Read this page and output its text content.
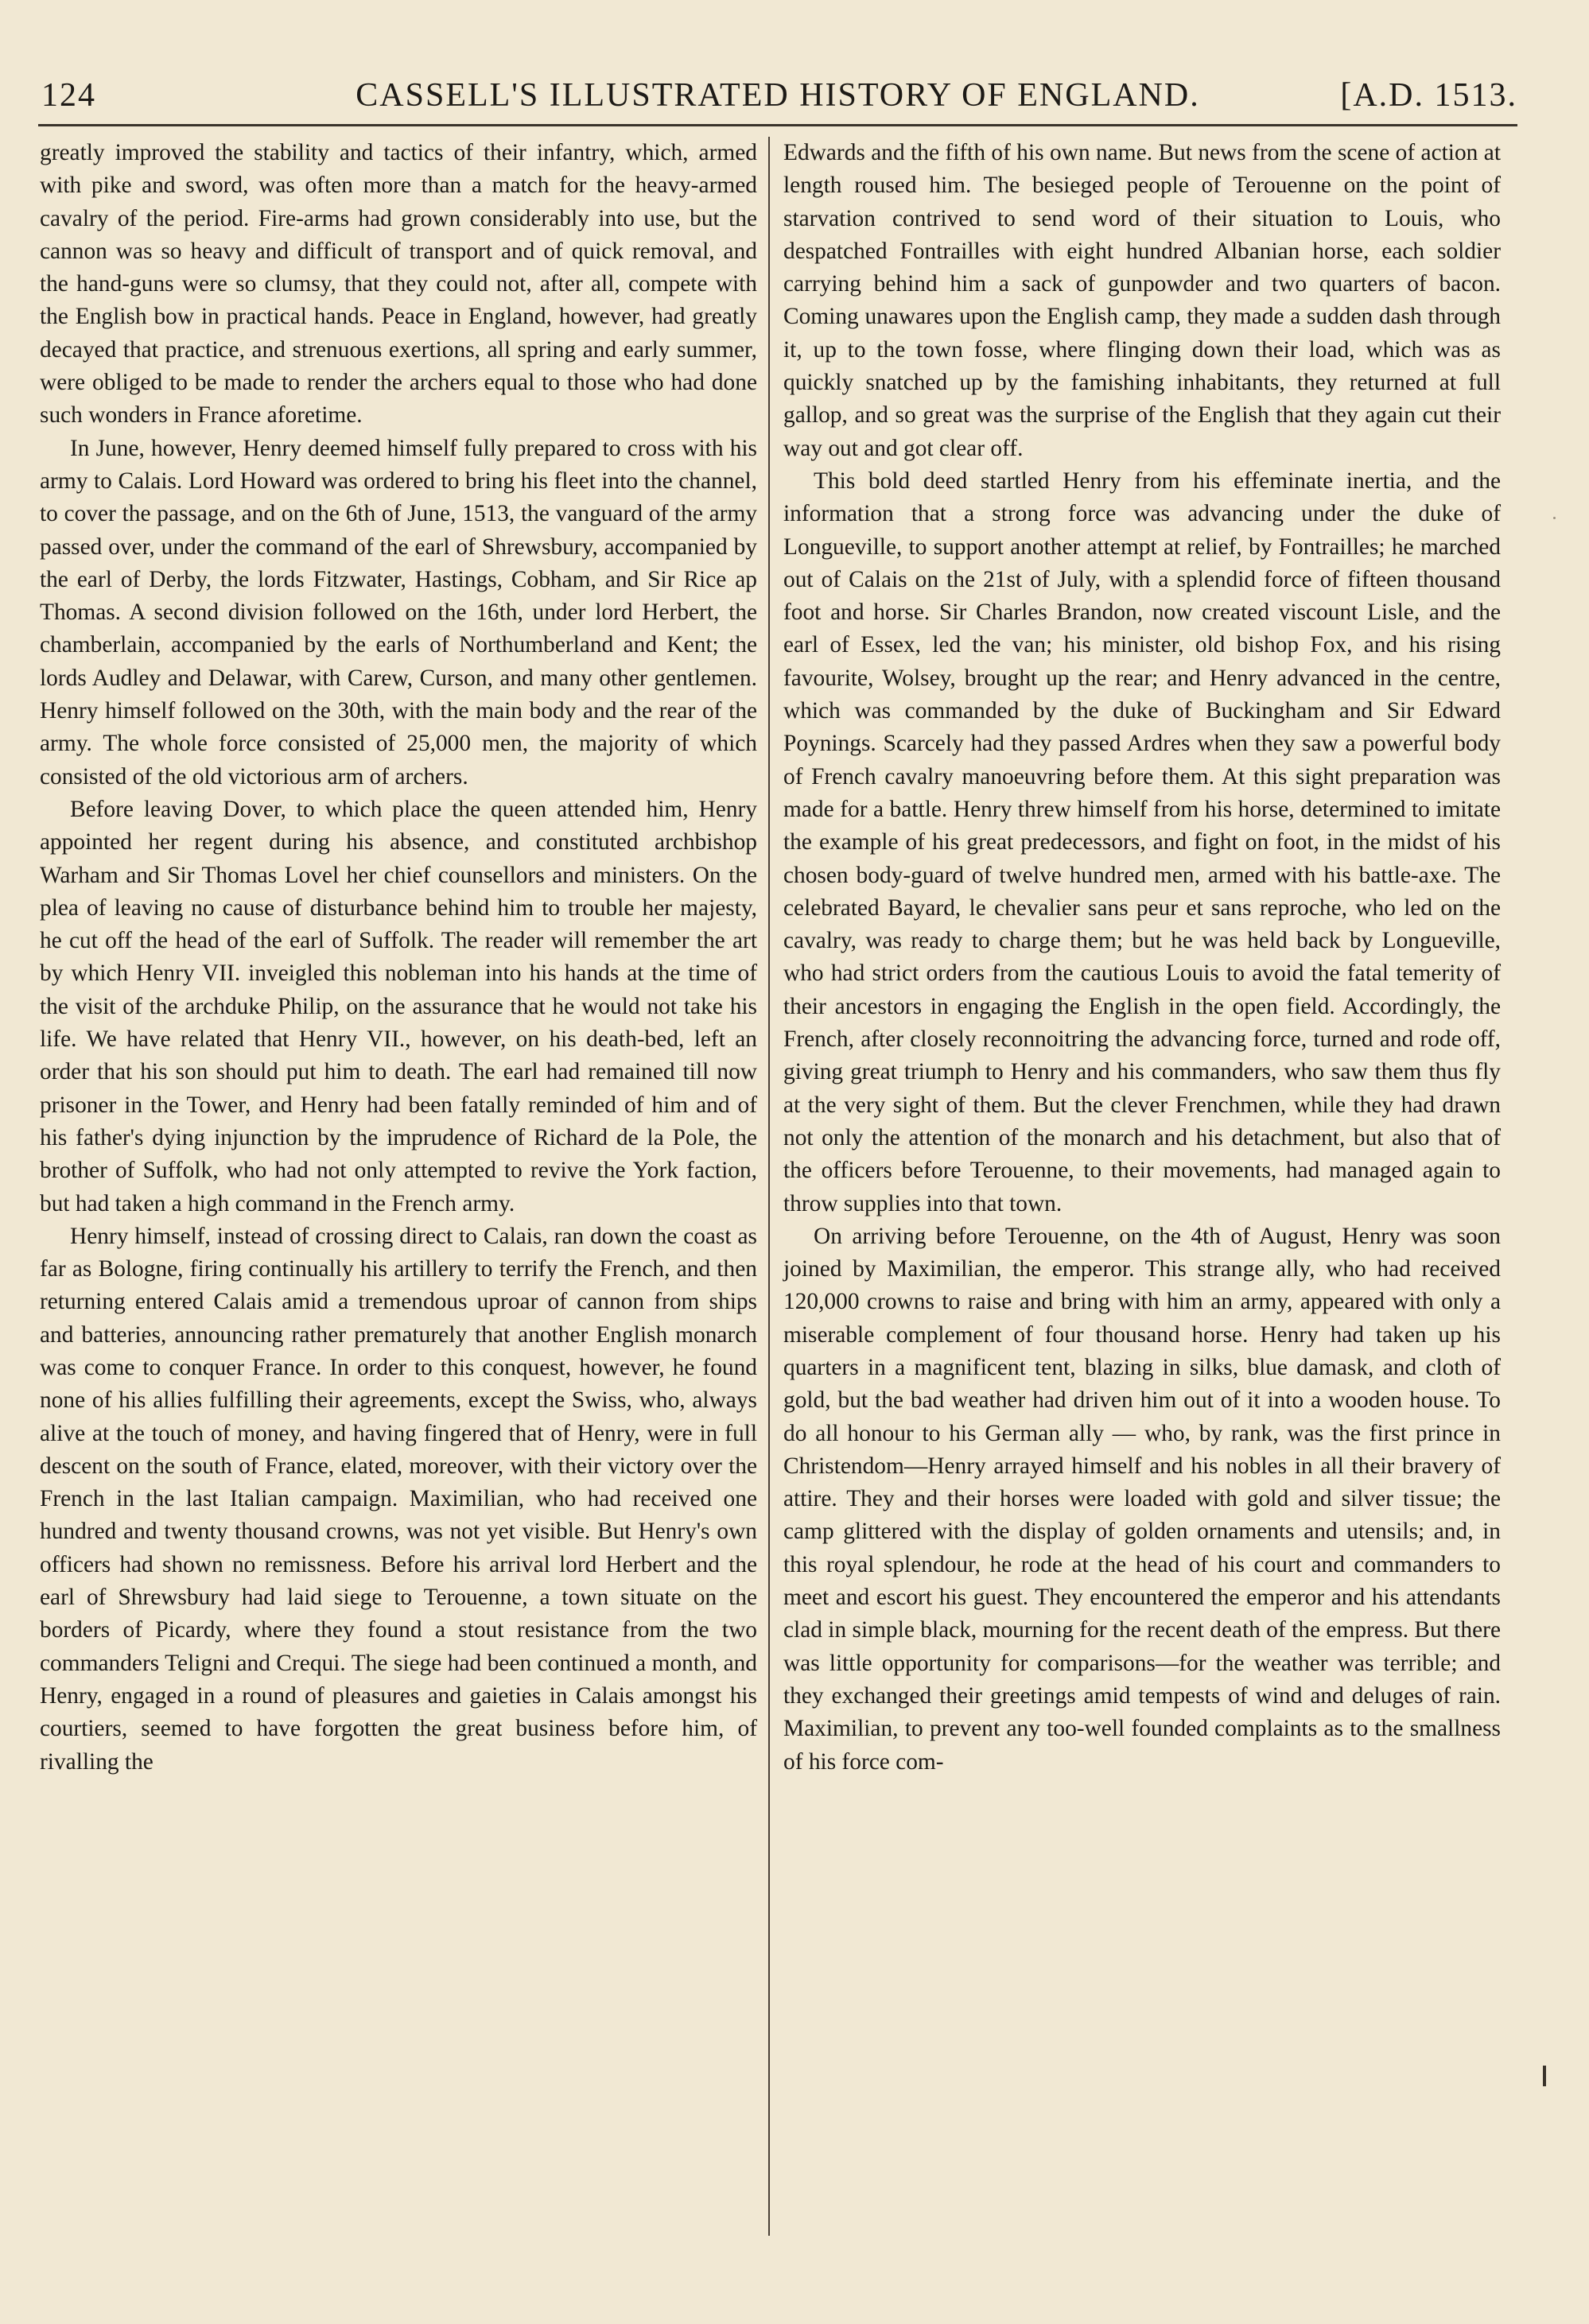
124	CASSELL'S ILLUSTRATED HISTORY OF ENGLAND.	[A.D. 1513.

greatly improved the stability and tactics of their infantry, which, armed with pike and sword, was often more than a match for the heavy-armed cavalry of the period. Fire-arms had grown considerably into use, but the cannon was so heavy and difficult of transport and of quick removal, and the hand-guns were so clumsy, that they could not, after all, compete with the English bow in practical hands. Peace in England, however, had greatly decayed that practice, and strenuous exertions, all spring and early summer, were obliged to be made to render the archers equal to those who had done such wonders in France aforetime.

In June, however, Henry deemed himself fully prepared to cross with his army to Calais. Lord Howard was ordered to bring his fleet into the channel, to cover the passage, and on the 6th of June, 1513, the vanguard of the army passed over, under the command of the earl of Shrewsbury, accompanied by the earl of Derby, the lords Fitzwater, Hastings, Cobham, and Sir Rice ap Thomas. A second division followed on the 16th, under lord Herbert, the chamberlain, accompanied by the earls of Northumberland and Kent; the lords Audley and Delawar, with Carew, Curson, and many other gentlemen. Henry himself followed on the 30th, with the main body and the rear of the army. The whole force consisted of 25,000 men, the majority of which consisted of the old victorious arm of archers.

Before leaving Dover, to which place the queen attended him, Henry appointed her regent during his absence, and constituted archbishop Warham and Sir Thomas Lovel her chief counsellors and ministers. On the plea of leaving no cause of disturbance behind him to trouble her majesty, he cut off the head of the earl of Suffolk. The reader will remember the art by which Henry VII. inveigled this nobleman into his hands at the time of the visit of the archduke Philip, on the assurance that he would not take his life. We have related that Henry VII., however, on his death-bed, left an order that his son should put him to death. The earl had remained till now prisoner in the Tower, and Henry had been fatally reminded of him and of his father's dying injunction by the imprudence of Richard de la Pole, the brother of Suffolk, who had not only attempted to revive the York faction, but had taken a high command in the French army.

Henry himself, instead of crossing direct to Calais, ran down the coast as far as Bologne, firing continually his artillery to terrify the French, and then returning entered Calais amid a tremendous uproar of cannon from ships and batteries, announcing rather prematurely that another English monarch was come to conquer France. In order to this conquest, however, he found none of his allies fulfilling their agreements, except the Swiss, who, always alive at the touch of money, and having fingered that of Henry, were in full descent on the south of France, elated, moreover, with their victory over the French in the last Italian campaign. Maximilian, who had received one hundred and twenty thousand crowns, was not yet visible. But Henry's own officers had shown no remissness. Before his arrival lord Herbert and the earl of Shrewsbury had laid siege to Terouenne, a town situate on the borders of Picardy, where they found a stout resistance from the two commanders Teligni and Crequi. The siege had been continued a month, and Henry, engaged in a round of pleasures and gaieties in Calais amongst his courtiers, seemed to have forgotten the great business before him, of rivalling the

Edwards and the fifth of his own name. But news from the scene of action at length roused him. The besieged people of Terouenne on the point of starvation contrived to send word of their situation to Louis, who despatched Fontrailles with eight hundred Albanian horse, each soldier carrying behind him a sack of gunpowder and two quarters of bacon. Coming unawares upon the English camp, they made a sudden dash through it, up to the town fosse, where flinging down their load, which was as quickly snatched up by the famishing inhabitants, they returned at full gallop, and so great was the surprise of the English that they again cut their way out and got clear off.

This bold deed startled Henry from his effeminate inertia, and the information that a strong force was advancing under the duke of Longueville, to support another attempt at relief, by Fontrailles; he marched out of Calais on the 21st of July, with a splendid force of fifteen thousand foot and horse. Sir Charles Brandon, now created viscount Lisle, and the earl of Essex, led the van; his minister, old bishop Fox, and his rising favourite, Wolsey, brought up the rear; and Henry advanced in the centre, which was commanded by the duke of Buckingham and Sir Edward Poynings. Scarcely had they passed Ardres when they saw a powerful body of French cavalry manoeuvring before them. At this sight preparation was made for a battle. Henry threw himself from his horse, determined to imitate the example of his great predecessors, and fight on foot, in the midst of his chosen body-guard of twelve hundred men, armed with his battle-axe. The celebrated Bayard, le chevalier sans peur et sans reproche, who led on the cavalry, was ready to charge them; but he was held back by Longueville, who had strict orders from the cautious Louis to avoid the fatal temerity of their ancestors in engaging the English in the open field. Accordingly, the French, after closely reconnoitring the advancing force, turned and rode off, giving great triumph to Henry and his commanders, who saw them thus fly at the very sight of them. But the clever Frenchmen, while they had drawn not only the attention of the monarch and his detachment, but also that of the officers before Terouenne, to their movements, had managed again to throw supplies into that town.

On arriving before Terouenne, on the 4th of August, Henry was soon joined by Maximilian, the emperor. This strange ally, who had received 120,000 crowns to raise and bring with him an army, appeared with only a miserable complement of four thousand horse. Henry had taken up his quarters in a magnificent tent, blazing in silks, blue damask, and cloth of gold, but the bad weather had driven him out of it into a wooden house. To do all honour to his German ally — who, by rank, was the first prince in Christendom—Henry arrayed himself and his nobles in all their bravery of attire. They and their horses were loaded with gold and silver tissue; the camp glittered with the display of golden ornaments and utensils; and, in this royal splendour, he rode at the head of his court and commanders to meet and escort his guest. They encountered the emperor and his attendants clad in simple black, mourning for the recent death of the empress. But there was little opportunity for comparisons—for the weather was terrible; and they exchanged their greetings amid tempests of wind and deluges of rain. Maximilian, to prevent any too-well founded complaints as to the smallness of his force com-
